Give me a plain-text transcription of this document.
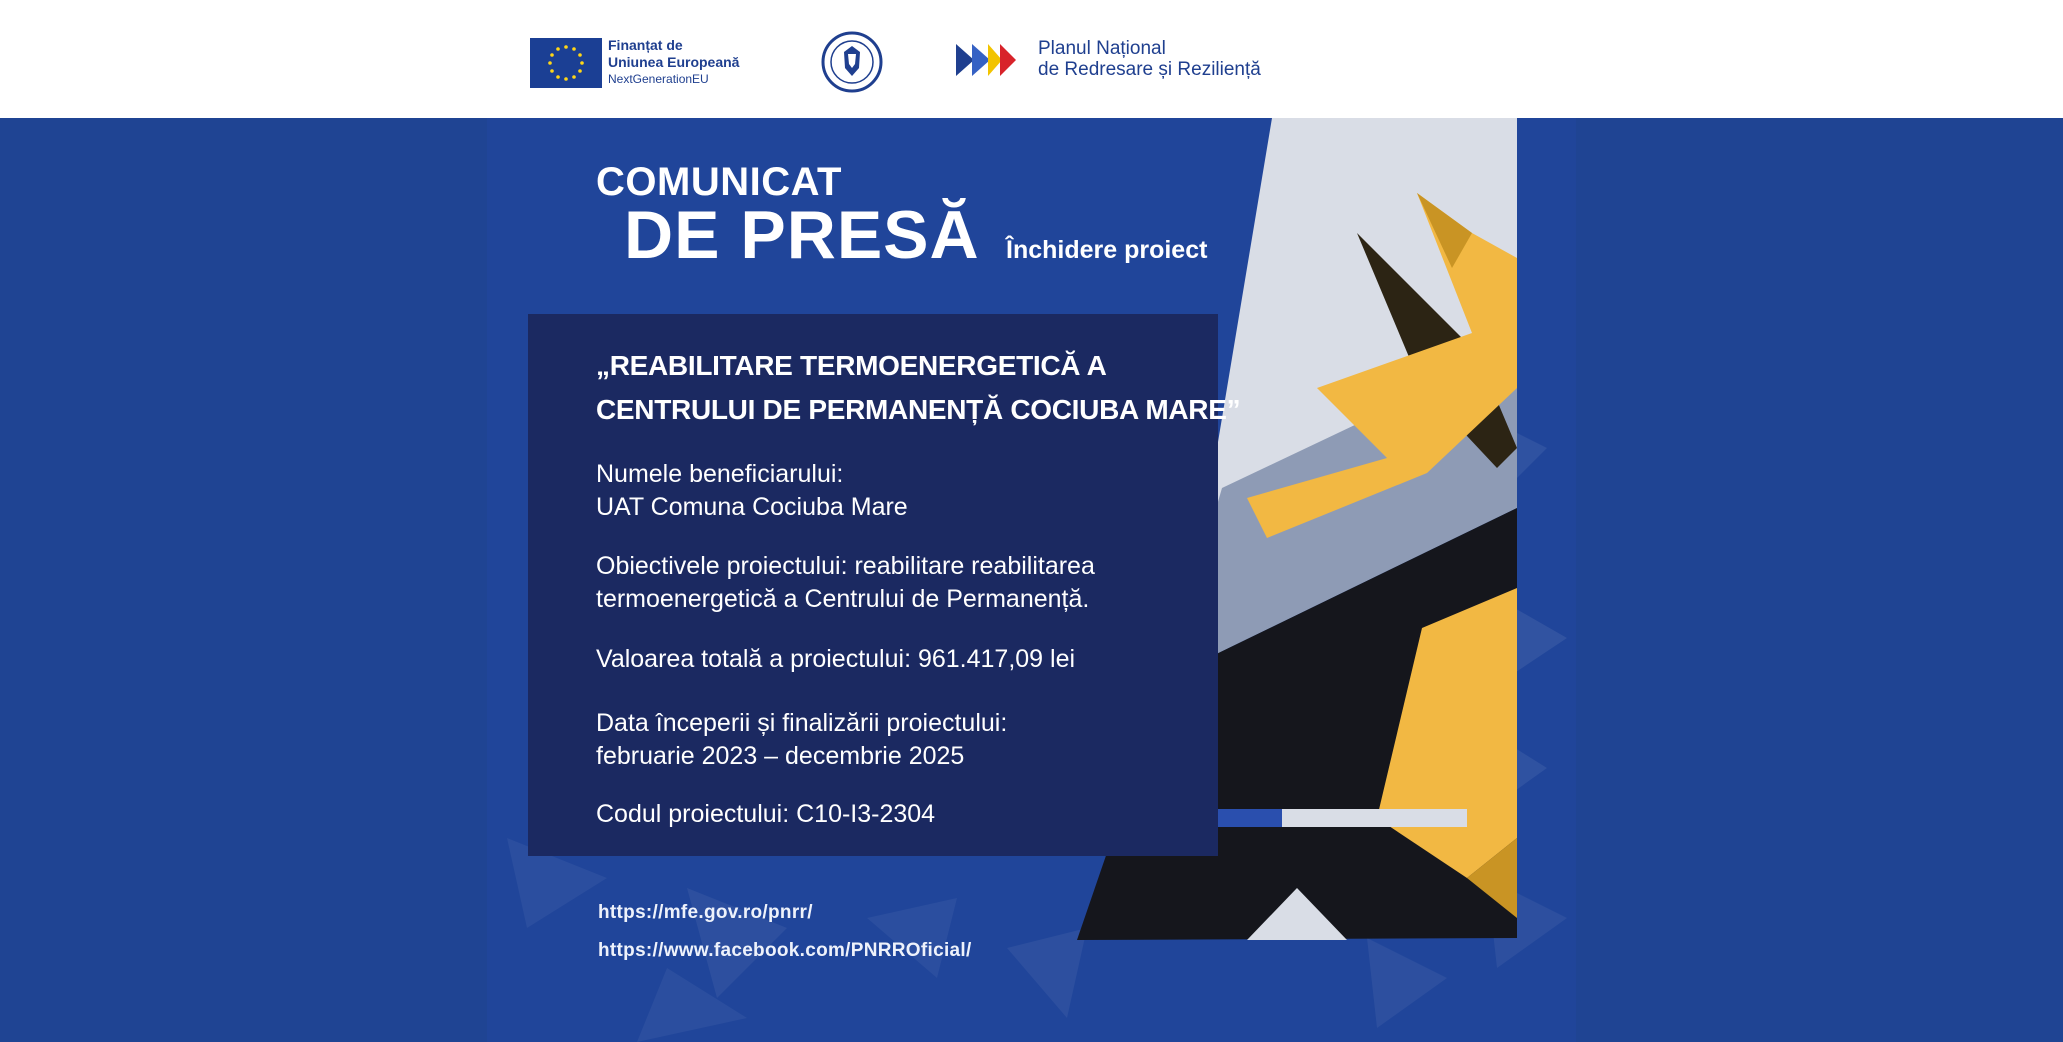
Finanțat de
Uniunea Europeană
NextGenerationEU
Planul Național
de Redresare și Reziliență
COMUNICAT
DE PRESĂ Închidere proiect
„REABILITARE TERMOENERGETICĂ A
CENTRULUI DE PERMANENȚĂ COCIUBA MARE”
Numele beneficiarului:
UAT Comuna Cociuba Mare
Obiectivele proiectului: reabilitare reabilitarea
termoenergetică a Centrului de Permanență.
Valoarea totală a proiectului: 961.417,09 lei
Data începerii și finalizării proiectului:
februarie 2023 – decembrie 2025
Codul proiectului: C10-I3-2304
https://mfe.gov.ro/pnrr/
https://www.facebook.com/PNRROficial/
